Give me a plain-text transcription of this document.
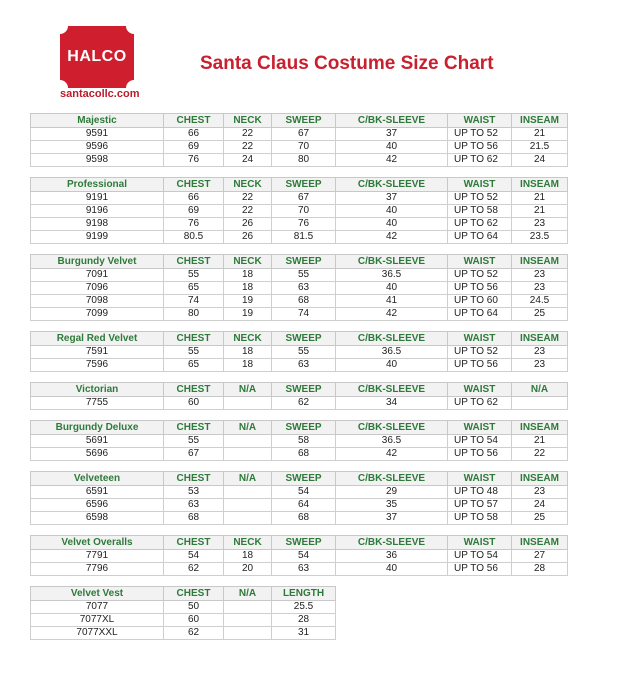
HALCO
santacollc.com
Santa Claus Costume Size Chart
Majestic	CHEST	NECK	SWEEP	C/BK-SLEEVE	WAIST	INSEAM
9591	66	22	67	37	UP TO 52	21
9596	69	22	70	40	UP TO 56	21.5
9598	76	24	80	42	UP TO 62	24
Professional	CHEST	NECK	SWEEP	C/BK-SLEEVE	WAIST	INSEAM
9191	66	22	67	37	UP TO 52	21
9196	69	22	70	40	UP TO 58	21
9198	76	26	76	40	UP TO 62	23
9199	80.5	26	81.5	42	UP TO 64	23.5
Burgundy Velvet	CHEST	NECK	SWEEP	C/BK-SLEEVE	WAIST	INSEAM
7091	55	18	55	36.5	UP TO 52	23
7096	65	18	63	40	UP TO 56	23
7098	74	19	68	41	UP TO 60	24.5
7099	80	19	74	42	UP TO 64	25
Regal Red Velvet	CHEST	NECK	SWEEP	C/BK-SLEEVE	WAIST	INSEAM
7591	55	18	55	36.5	UP TO 52	23
7596	65	18	63	40	UP TO 56	23
Victorian	CHEST	N/A	SWEEP	C/BK-SLEEVE	WAIST	N/A
7755	60		62	34	UP TO 62	
Burgundy Deluxe	CHEST	N/A	SWEEP	C/BK-SLEEVE	WAIST	INSEAM
5691	55		58	36.5	UP TO 54	21
5696	67		68	42	UP TO 56	22
Velveteen	CHEST	N/A	SWEEP	C/BK-SLEEVE	WAIST	INSEAM
6591	53		54	29	UP TO 48	23
6596	63		64	35	UP TO 57	24
6598	68		68	37	UP TO 58	25
Velvet Overalls	CHEST	NECK	SWEEP	C/BK-SLEEVE	WAIST	INSEAM
7791	54	18	54	36	UP TO 54	27
7796	62	20	63	40	UP TO 56	28
Velvet Vest	CHEST	N/A	LENGTH
7077	50		25.5
7077XL	60		28
7077XXL	62		31
